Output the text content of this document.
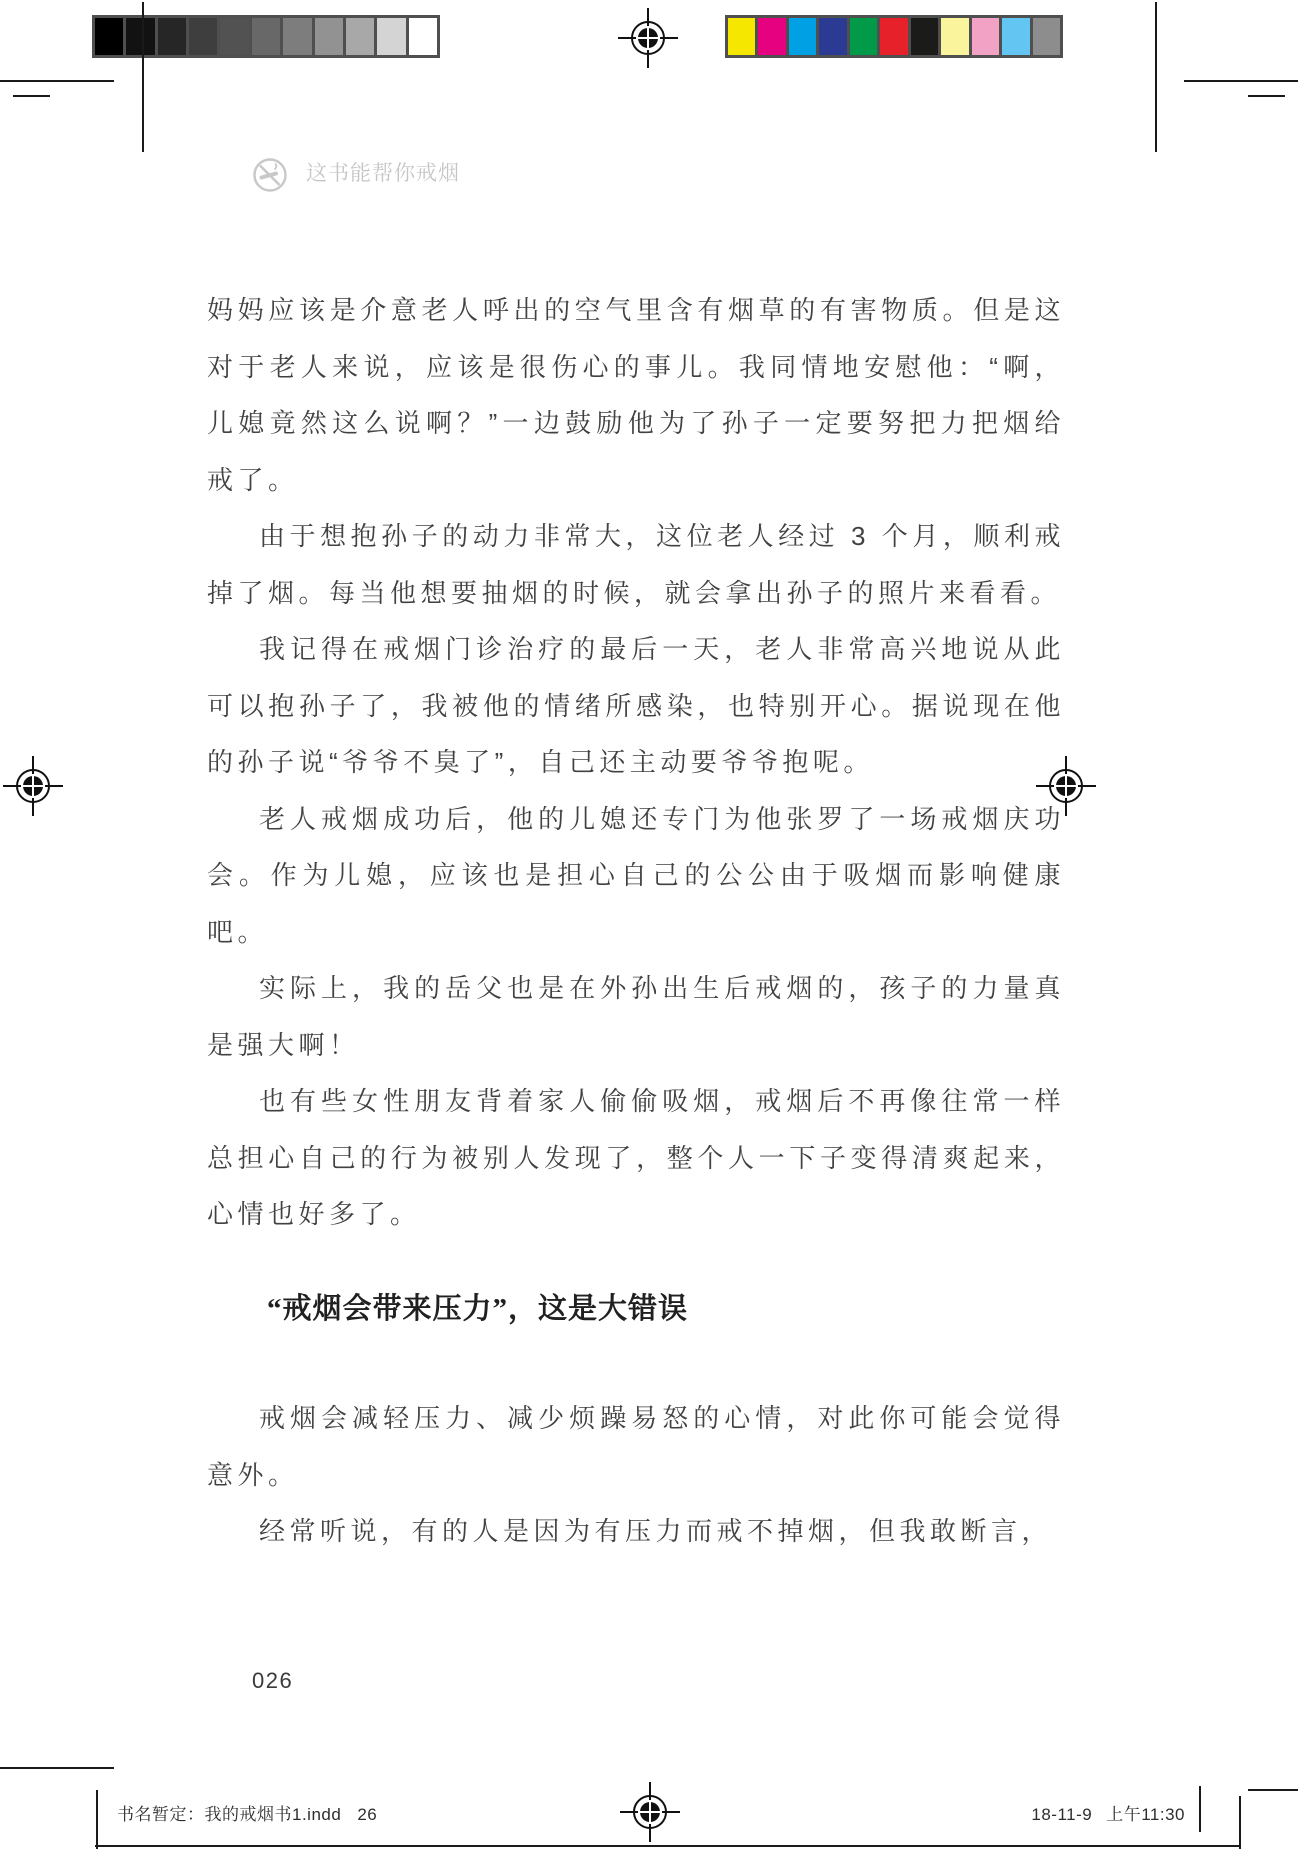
这书能帮你戒烟

妈妈应该是介意老人呼出的空气里含有烟草的有害物质。但是这对于老人来说，应该是很伤心的事儿。我同情地安慰他：“啊，儿媳竟然这么说啊？”一边鼓励他为了孙子一定要努把力把烟给戒了。

由于想抱孙子的动力非常大，这位老人经过 3 个月，顺利戒掉了烟。每当他想要抽烟的时候，就会拿出孙子的照片来看看。

我记得在戒烟门诊治疗的最后一天，老人非常高兴地说从此可以抱孙子了，我被他的情绪所感染，也特别开心。据说现在他的孙子说“爷爷不臭了”，自己还主动要爷爷抱呢。

老人戒烟成功后，他的儿媳还专门为他张罗了一场戒烟庆功会。作为儿媳，应该也是担心自己的公公由于吸烟而影响健康吧。

实际上，我的岳父也是在外孙出生后戒烟的，孩子的力量真是强大啊！

也有些女性朋友背着家人偷偷吸烟，戒烟后不再像往常一样总担心自己的行为被别人发现了，整个人一下子变得清爽起来，心情也好多了。

“戒烟会带来压力”，这是大错误

戒烟会减轻压力、减少烦躁易怒的心情，对此你可能会觉得意外。

经常听说，有的人是因为有压力而戒不掉烟，但我敢断言，

026
书名暂定：我的戒烟书1.indd 26	18-11-9 上午11:30
